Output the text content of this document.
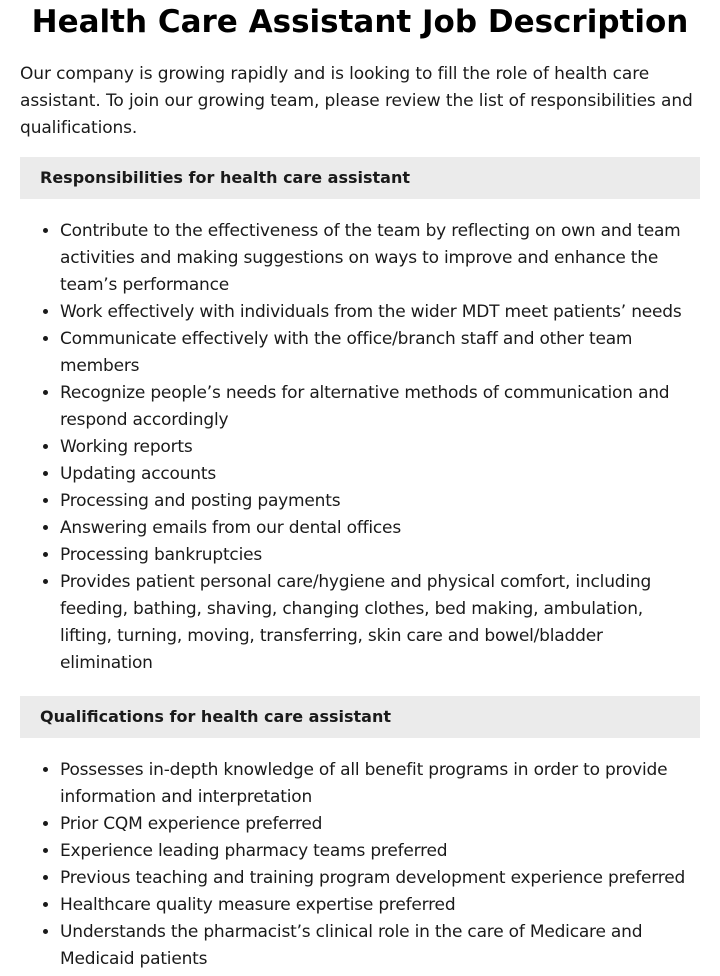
Health Care Assistant Job Description

Our company is growing rapidly and is looking to fill the role of health care assistant. To join our growing team, please review the list of responsibilities and qualifications.

Responsibilities for health care assistant
• Contribute to the effectiveness of the team by reflecting on own and team activities and making suggestions on ways to improve and enhance the team’s performance
• Work effectively with individuals from the wider MDT meet patients’ needs
• Communicate effectively with the office/branch staff and other team members
• Recognize people’s needs for alternative methods of communication and respond accordingly
• Working reports
• Updating accounts
• Processing and posting payments
• Answering emails from our dental offices
• Processing bankruptcies
• Provides patient personal care/hygiene and physical comfort, including feeding, bathing, shaving, changing clothes, bed making, ambulation, lifting, turning, moving, transferring, skin care and bowel/bladder elimination
Qualifications for health care assistant
• Possesses in-depth knowledge of all benefit programs in order to provide information and interpretation
• Prior CQM experience preferred
• Experience leading pharmacy teams preferred
• Previous teaching and training program development experience preferred
• Healthcare quality measure expertise preferred
• Understands the pharmacist’s clinical role in the care of Medicare and Medicaid patients
